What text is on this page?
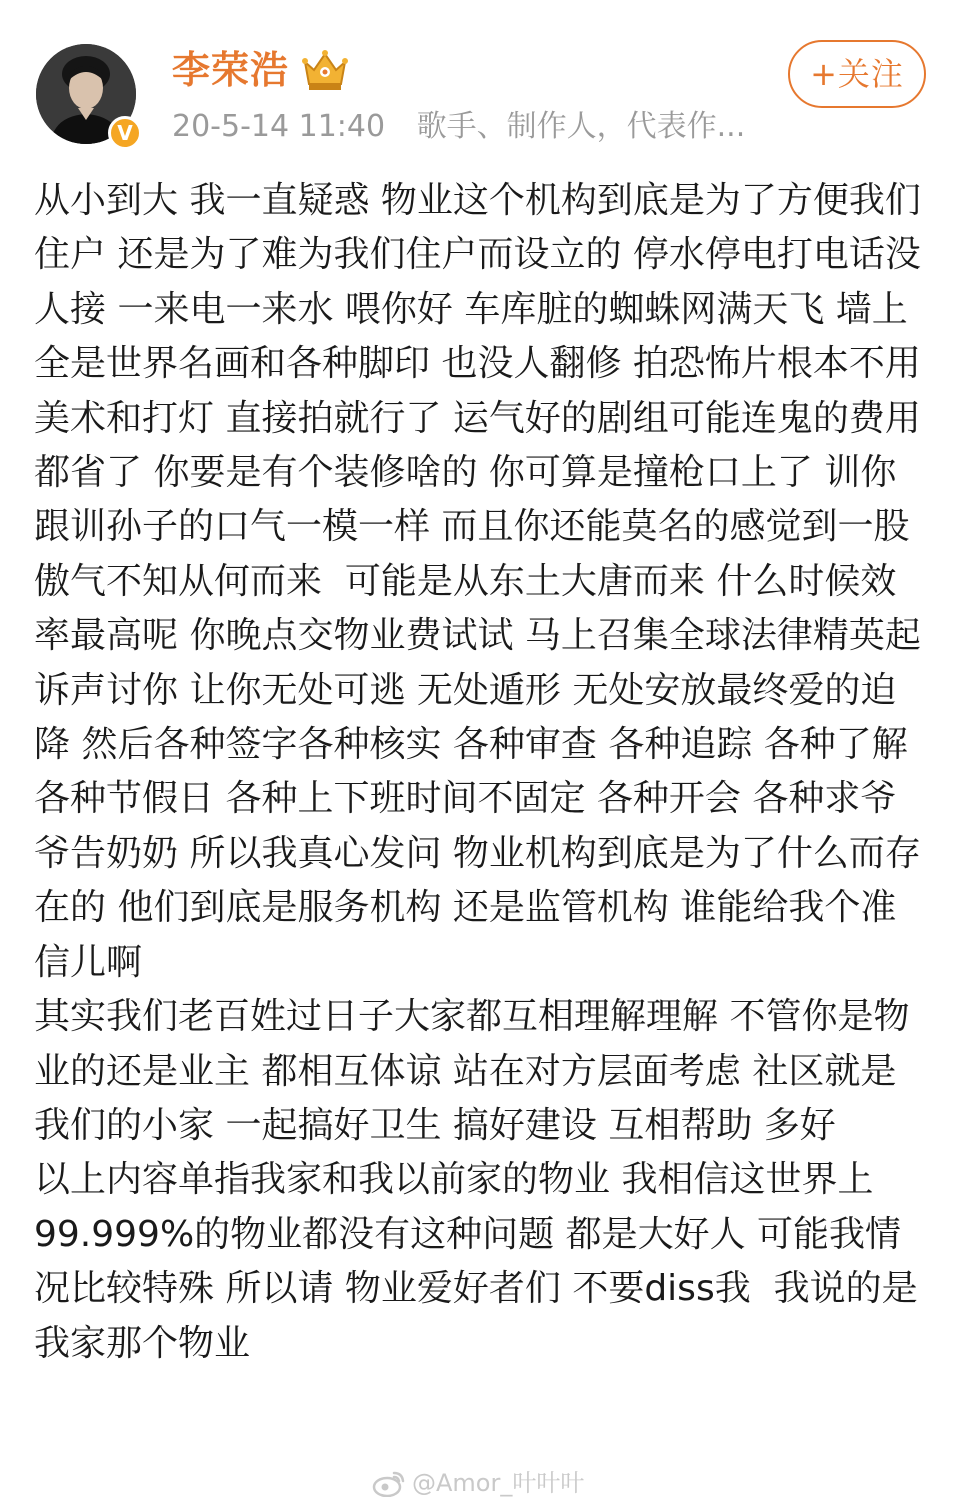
V
李荣浩
20-5-14 11:40 歌手、制作人，代表作...
+关注

从小到大 我一直疑惑 物业这个机构到底是为了方便我们住户 还是为了难为我们住户而设立的 停水停电打电话没人接 一来电一来水 喂你好 车库脏的蜘蛛网满天飞 墙上全是世界名画和各种脚印 也没人翻修 拍恐怖片根本不用美术和打灯 直接拍就行了 运气好的剧组可能连鬼的费用都省了 你要是有个装修啥的 你可算是撞枪口上了 训你跟训孙子的口气一模一样 而且你还能莫名的感觉到一股傲气不知从何而来  可能是从东土大唐而来 什么时候效率最高呢 你晚点交物业费试试 马上召集全球法律精英起诉声讨你 让你无处可逃 无处遁形 无处安放最终爱的迫降 然后各种签字各种核实 各种审查 各种追踪 各种了解 各种节假日 各种上下班时间不固定 各种开会 各种求爷爷告奶奶 所以我真心发问 物业机构到底是为了什么而存在的 他们到底是服务机构 还是监管机构 谁能给我个准信儿啊

其实我们老百姓过日子大家都互相理解理解 不管你是物业的还是业主 都相互体谅 站在对方层面考虑 社区就是我们的小家 一起搞好卫生 搞好建设 互相帮助 多好

以上内容单指我家和我以前家的物业 我相信这世界上99.999%的物业都没有这种问题 都是大好人 可能我情况比较特殊 所以请 物业爱好者们 不要diss我  我说的是我家那个物业

@Amor_叶叶叶
